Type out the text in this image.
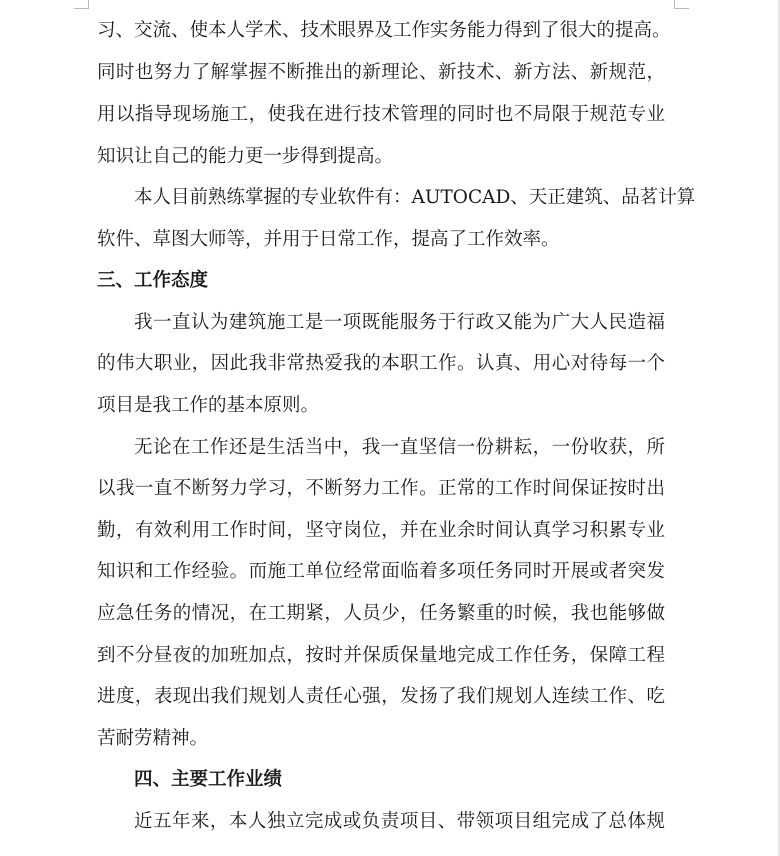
习、交流、使本人学术、技术眼界及工作实务能力得到了很大的提高。
同时也努力了解掌握不断推出的新理论、新技术、新方法、新规范，
用以指导现场施工，使我在进行技术管理的同时也不局限于规范专业
知识让自己的能力更一步得到提高。
本人目前熟练掌握的专业软件有：AUTOCAD、天正建筑、品茗计算
软件、草图大师等，并用于日常工作，提高了工作效率。
三、工作态度
我一直认为建筑施工是一项既能服务于行政又能为广大人民造福
的伟大职业，因此我非常热爱我的本职工作。认真、用心对待每一个
项目是我工作的基本原则。
无论在工作还是生活当中，我一直坚信一份耕耘，一份收获，所
以我一直不断努力学习，不断努力工作。正常的工作时间保证按时出
勤，有效利用工作时间，坚守岗位，并在业余时间认真学习积累专业
知识和工作经验。而施工单位经常面临着多项任务同时开展或者突发
应急任务的情况，在工期紧，人员少，任务繁重的时候，我也能够做
到不分昼夜的加班加点，按时并保质保量地完成工作任务，保障工程
进度，表现出我们规划人责任心强，发扬了我们规划人连续工作、吃
苦耐劳精神。
四、主要工作业绩
近五年来，本人独立完成或负责项目、带领项目组完成了总体规
